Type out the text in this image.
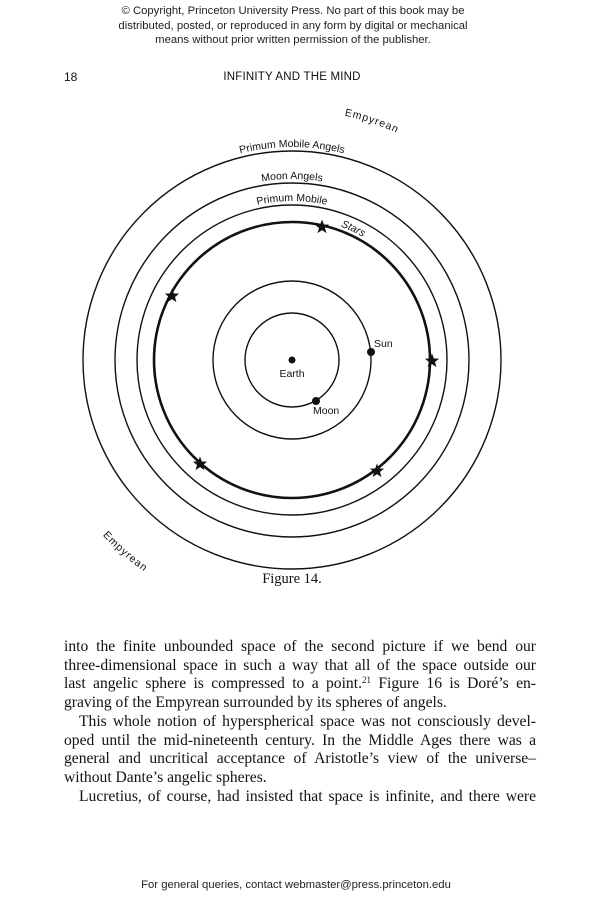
© Copyright, Princeton University Press. No part of this book may be
distributed, posted, or reproduced in any form by digital or mechanical
means without prior written permission of the publisher.
18	INFINITY AND THE MIND
Earth
Sun
Moon
Primum Mobile Angels
Moon Angels
Primum Mobile
Stars
Empyrean
Empyrean
Figure 14.
into the finite unbounded space of the second picture if we bend our
three-dimensional space in such a way that all of the space outside our
last angelic sphere is compressed to a point.$^{21}$ Figure 16 is Doré’s en-
graving of the Empyrean surrounded by its spheres of angels.
This whole notion of hyperspherical space was not consciously devel-
oped until the mid-nineteenth century. In the Middle Ages there was a
general and uncritical acceptance of Aristotle’s view of the universe–
without Dante’s angelic spheres.
Lucretius, of course, had insisted that space is infinite, and there were
For general queries, contact webmaster@press.princeton.edu
